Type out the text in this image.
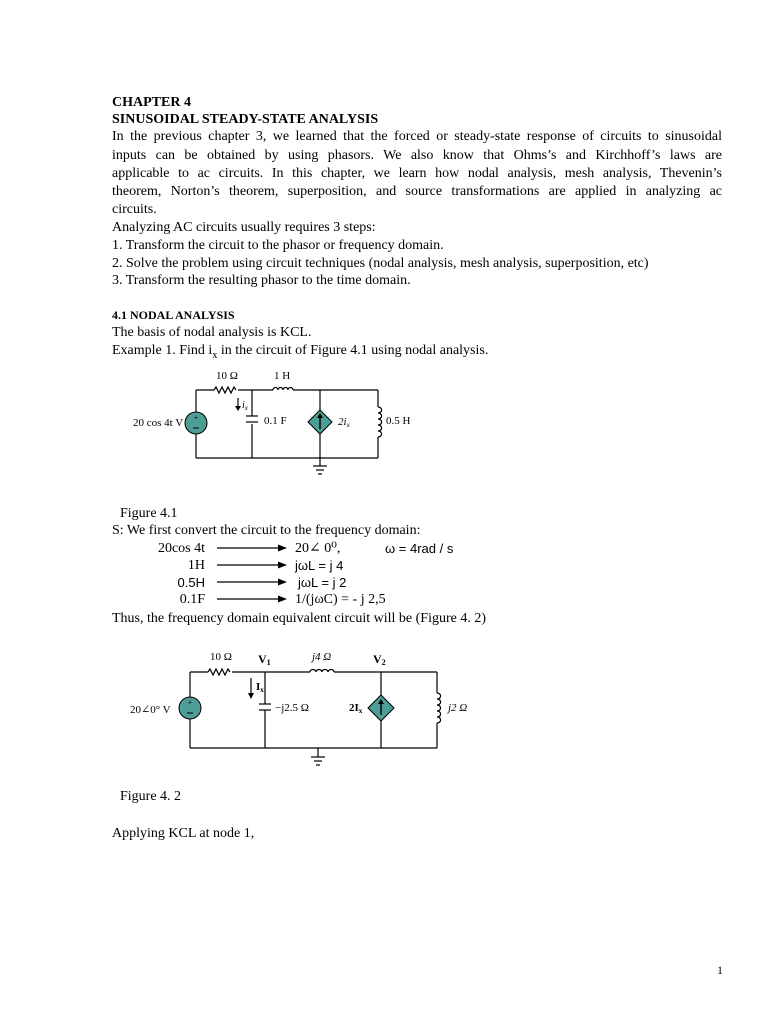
CHAPTER 4
SINUSOIDAL STEADY-STATE ANALYSIS
In the previous chapter 3, we learned that the forced or steady-state response of circuits to sinusoidal
inputs can be obtained by using phasors. We also know that Ohms’s and Kirchhoff’s laws are
applicable to ac circuits. In this chapter, we learn how nodal analysis, mesh analysis, Thevenin’s
theorem, Norton’s theorem, superposition, and source transformations are applied in analyzing ac
circuits.
Analyzing AC circuits usually requires 3 steps:
1. Transform the circuit to the phasor or frequency domain.
2. Solve the problem using circuit techniques (nodal analysis, mesh analysis, superposition, etc)
3. Transform the resulting phasor to the time domain.
4.1 NODAL ANALYSIS
The basis of nodal analysis is KCL.
Example 1. Find $i_x$ in the circuit of Figure 4.1 using nodal analysis.
+
20 cos 4t V
10 Ω	1 H
0.1 F
$i_x$
2ix	0.5 H
Figure 4.1
S: We first convert the circuit to the frequency domain:
20cos 4t	20∠ 0⁰,	ω = 4rad / s
1H	jωL = j 4
0.5H	jωL = j 2
0.1F	1/(jωC) = - j 2,5
Thus, the frequency domain equivalent circuit will be (Figure 4. 2)
+
20∠0° V
10 Ω V1	j4 Ω	V2
Ix
−j2.5 Ω	2Ix	j2 Ω
Figure 4. 2
Applying KCL at node 1,
1
